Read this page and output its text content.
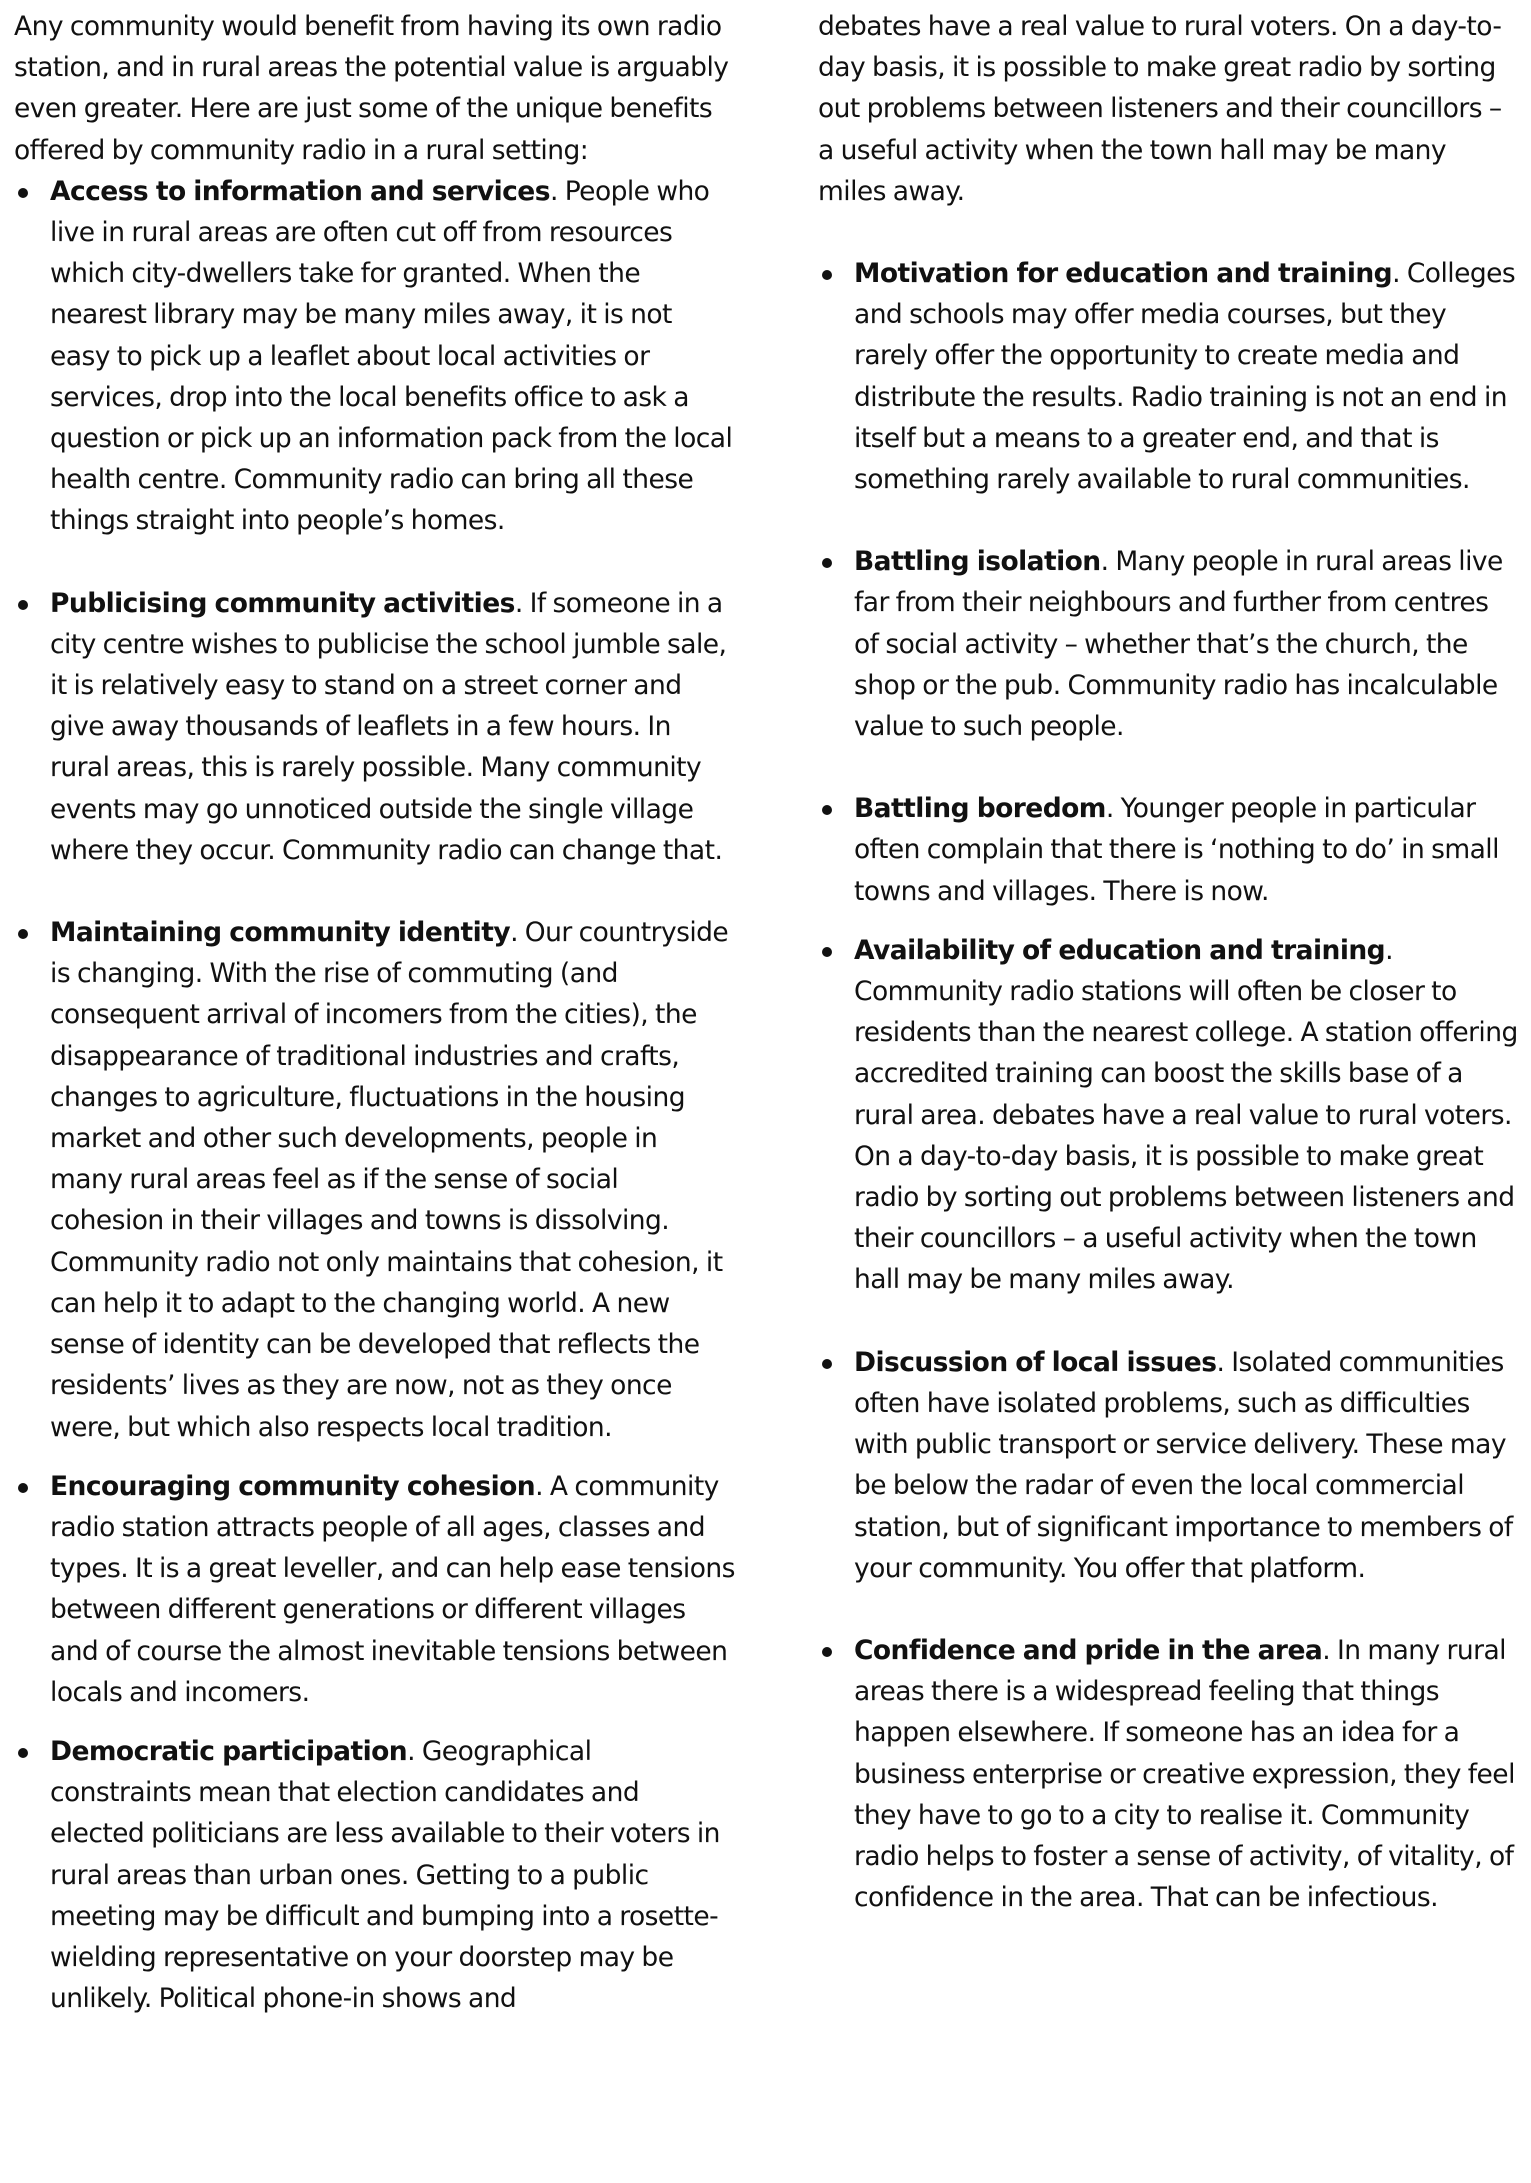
Any community would benefit from having its own radio station, and in rural areas the potential value is arguably even greater. Here are just some of the unique benefits offered by community radio in a rural setting:

Access to information and services. People who live in rural areas are often cut off from resources which city-dwellers take for granted. When the nearest library may be many miles away, it is not easy to pick up a leaflet about local activities or services, drop into the local benefits office to ask a question or pick up an information pack from the local health centre. Community radio can bring all these things straight into people’s homes.
Publicising community activities. If someone in a city centre wishes to publicise the school jumble sale, it is relatively easy to stand on a street corner and give away thousands of leaflets in a few hours. In rural areas, this is rarely possible. Many community events may go unnoticed outside the single village where they occur. Community radio can change that.
Maintaining community identity. Our countryside is changing. With the rise of commuting (and consequent arrival of incomers from the cities), the disappearance of traditional industries and crafts, changes to agriculture, fluctuations in the housing market and other such developments, people in many rural areas feel as if the sense of social cohesion in their villages and towns is dissolving. Community radio not only maintains that cohesion, it can help it to adapt to the changing world. A new sense of identity can be developed that reflects the residents’ lives as they are now, not as they once were, but which also respects local tradition.
Encouraging community cohesion. A community radio station attracts people of all ages, classes and types. It is a great leveller, and can help ease tensions between different generations or different villages and of course the almost inevitable tensions between locals and incomers.
Democratic participation. Geographical constraints mean that election candidates and elected politicians are less available to their voters in rural areas than urban ones. Getting to a public meeting may be difficult and bumping into a rosette-wielding representative on your doorstep may be unlikely. Political phone-in shows and

debates have a real value to rural voters. On a day-to-day basis, it is possible to make great radio by sorting out problems between listeners and their councillors – a useful activity when the town hall may be many miles away.

Motivation for education and training. Colleges and schools may offer media courses, but they rarely offer the opportunity to create media and distribute the results. Radio training is not an end in itself but a means to a greater end, and that is something rarely available to rural communities.
Battling isolation. Many people in rural areas live far from their neighbours and further from centres of social activity – whether that’s the church, the shop or the pub. Community radio has incalculable value to such people.
Battling boredom. Younger people in particular often complain that there is ‘nothing to do’ in small towns and villages. There is now.
Availability of education and training. Community radio stations will often be closer to residents than the nearest college. A station offering accredited training can boost the skills base of a rural area. debates have a real value to rural voters. On a day-to-day basis, it is possible to make great radio by sorting out problems between listeners and their councillors – a useful activity when the town hall may be many miles away.
Discussion of local issues. Isolated communities often have isolated problems, such as difficulties with public transport or service delivery. These may be below the radar of even the local commercial station, but of significant importance to members of your community. You offer that platform.
Confidence and pride in the area. In many rural areas there is a widespread feeling that things happen elsewhere. If someone has an idea for a business enterprise or creative expression, they feel they have to go to a city to realise it. Community radio helps to foster a sense of activity, of vitality, of confidence in the area. That can be infectious.
